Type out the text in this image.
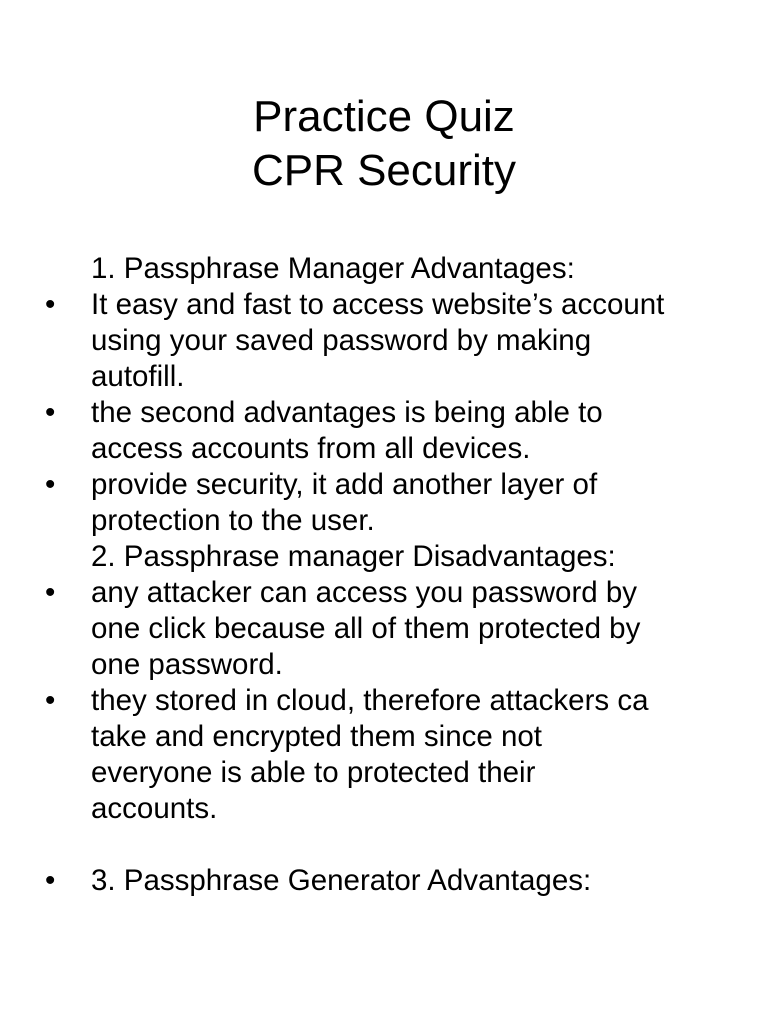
Practice Quiz
CPR Security
1. Passphrase Manager Advantages:
•	It easy and fast to access website’s account
using your saved password by making
autofill.
•	the second advantages is being able to
access accounts from all devices.
•	provide security, it add another layer of
protection to the user.
2. Passphrase manager Disadvantages:
•	any attacker can access you password by
one click because all of them protected by
one password.
•	they stored in cloud, therefore attackers ca
take and encrypted them since not
everyone is able to protected their
accounts.
•	3. Passphrase Generator Advantages:
